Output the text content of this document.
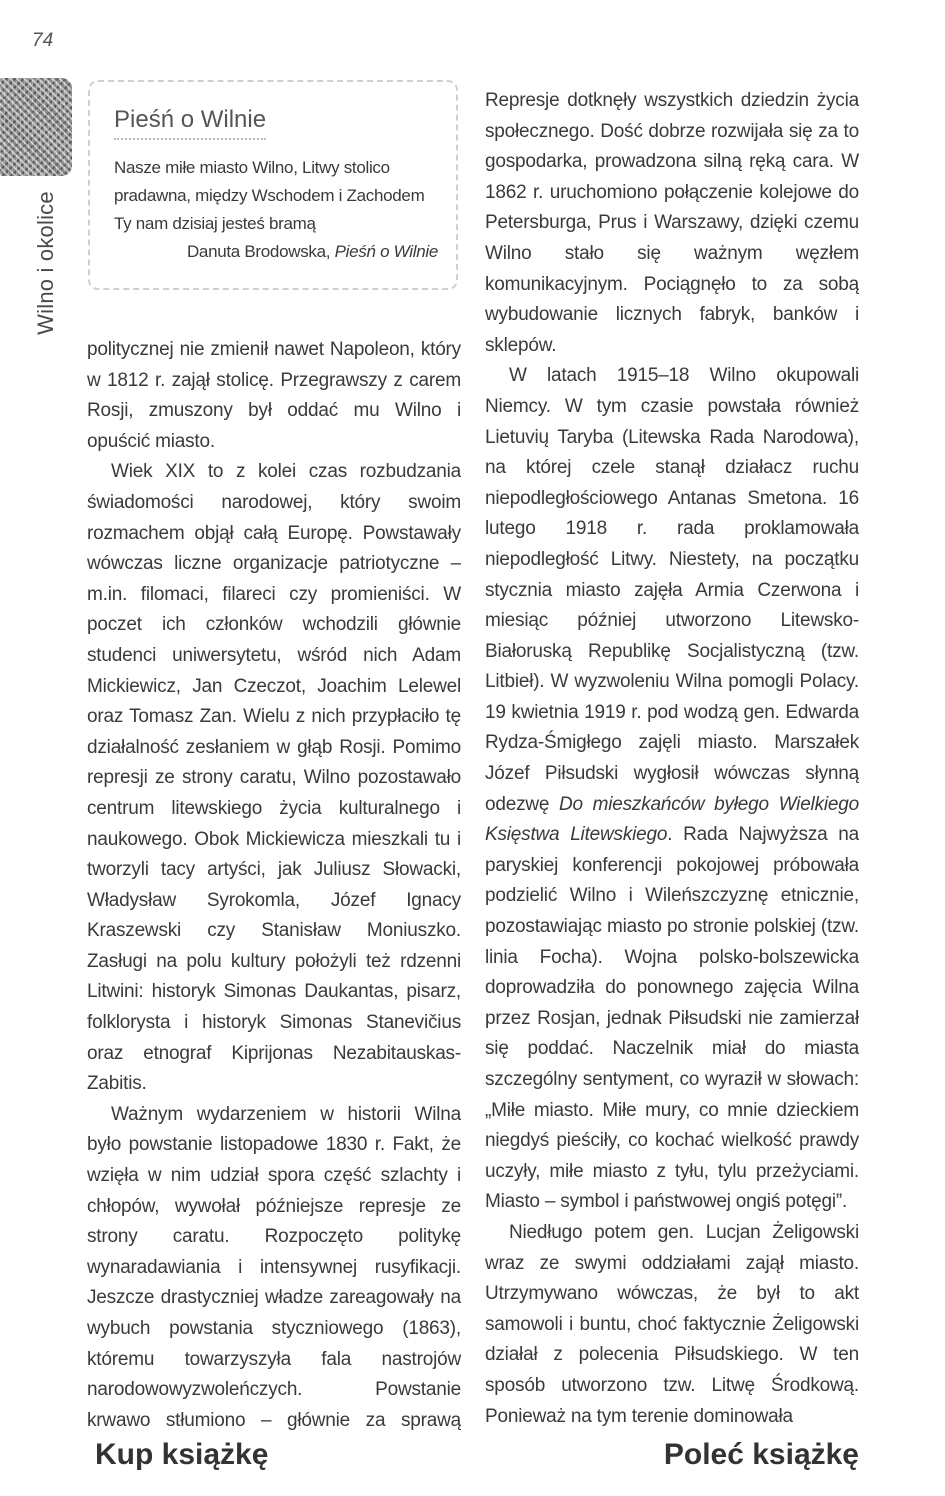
74
Wilno i okolice
Pieśń o Wilnie

Nasze miłe miasto Wilno, Litwy stolico pradawna, między Wschodem i Zachodem Ty nam dzisiaj jesteś bramą

Danuta Brodowska, Pieśń o Wilnie

politycznej nie zmienił nawet Napoleon, który w 1812 r. zajął stolicę. Przegrawszy z carem Rosji, zmuszony był oddać mu Wilno i opuścić miasto.

Wiek XIX to z kolei czas rozbudzania świadomości narodowej, który swoim rozmachem objął całą Europę. Powstawały wówczas liczne organizacje patriotyczne – m.in. filomaci, filareci czy promieniści. W poczet ich członków wchodzili głównie studenci uniwersytetu, wśród nich Adam Mickiewicz, Jan Czeczot, Joachim Lelewel oraz Tomasz Zan. Wielu z nich przypłaciło tę działalność zesłaniem w głąb Rosji. Pomimo represji ze strony caratu, Wilno pozostawało centrum litewskiego życia kulturalnego i naukowego. Obok Mickiewicza mieszkali tu i tworzyli tacy artyści, jak Juliusz Słowacki, Władysław Syrokomla, Józef Ignacy Kraszewski czy Stanisław Moniuszko. Zasługi na polu kultury położyli też rdzenni Litwini: historyk Simonas Daukantas, pisarz, folklorysta i historyk Simonas Stanevičius oraz etnograf Kiprijonas Nezabitauskas-Zabitis.

Ważnym wydarzeniem w historii Wilna było powstanie listopadowe 1830 r. Fakt, że wzięła w nim udział spora część szlachty i chłopów, wywołał późniejsze represje ze strony caratu. Rozpoczęto politykę wynaradawiania i intensywnej rusyfikacji. Jeszcze drastyczniej władze zareagowały na wybuch powstania styczniowego (1863), któremu towarzyszyła fala nastrojów narodowowyzwoleńczych. Powstanie krwawo stłumiono – głównie za sprawą

Represje dotknęły wszystkich dziedzin życia społecznego. Dość dobrze rozwijała się za to gospodarka, prowadzona silną ręką cara. W 1862 r. uruchomiono połączenie kolejowe do Petersburga, Prus i Warszawy, dzięki czemu Wilno stało się ważnym węzłem komunikacyjnym. Pociągnęło to za sobą wybudowanie licznych fabryk, banków i sklepów.

W latach 1915–18 Wilno okupowali Niemcy. W tym czasie powstała również Lietuvių Taryba (Litewska Rada Narodowa), na której czele stanął działacz ruchu niepodległościowego Antanas Smetona. 16 lutego 1918 r. rada proklamowała niepodległość Litwy. Niestety, na początku stycznia miasto zajęła Armia Czerwona i miesiąc później utworzono Litewsko-Białoruską Republikę Socjalistyczną (tzw. Litbieł). W wyzwoleniu Wilna pomogli Polacy. 19 kwietnia 1919 r. pod wodzą gen. Edwarda Rydza-Śmigłego zajęli miasto. Marszałek Józef Piłsudski wygłosił wówczas słynną odezwę Do mieszkańców byłego Wielkiego Księstwa Litewskiego. Rada Najwyższa na paryskiej konferencji pokojowej próbowała podzielić Wilno i Wileńszczyznę etnicznie, pozostawiając miasto po stronie polskiej (tzw. linia Focha). Wojna polsko-bolszewicka doprowadziła do ponownego zajęcia Wilna przez Rosjan, jednak Piłsudski nie zamierzał się poddać. Naczelnik miał do miasta szczególny sentyment, co wyraził w słowach: „Miłe miasto. Miłe mury, co mnie dzieckiem niegdyś pieściły, co kochać wielkość prawdy uczyły, miłe miasto z tyłu, tylu przeżyciami. Miasto – symbol i państwowej ongiś potęgi”.

Niedługo potem gen. Lucjan Żeligowski wraz ze swymi oddziałami zajął miasto. Utrzymywano wówczas, że był to akt samowoli i buntu, choć faktycznie Żeligowski działał z polecenia Piłsudskiego. W ten sposób utworzono tzw. Litwę Środkową. Ponieważ na tym terenie dominowała

Kup książkę	Poleć książkę
